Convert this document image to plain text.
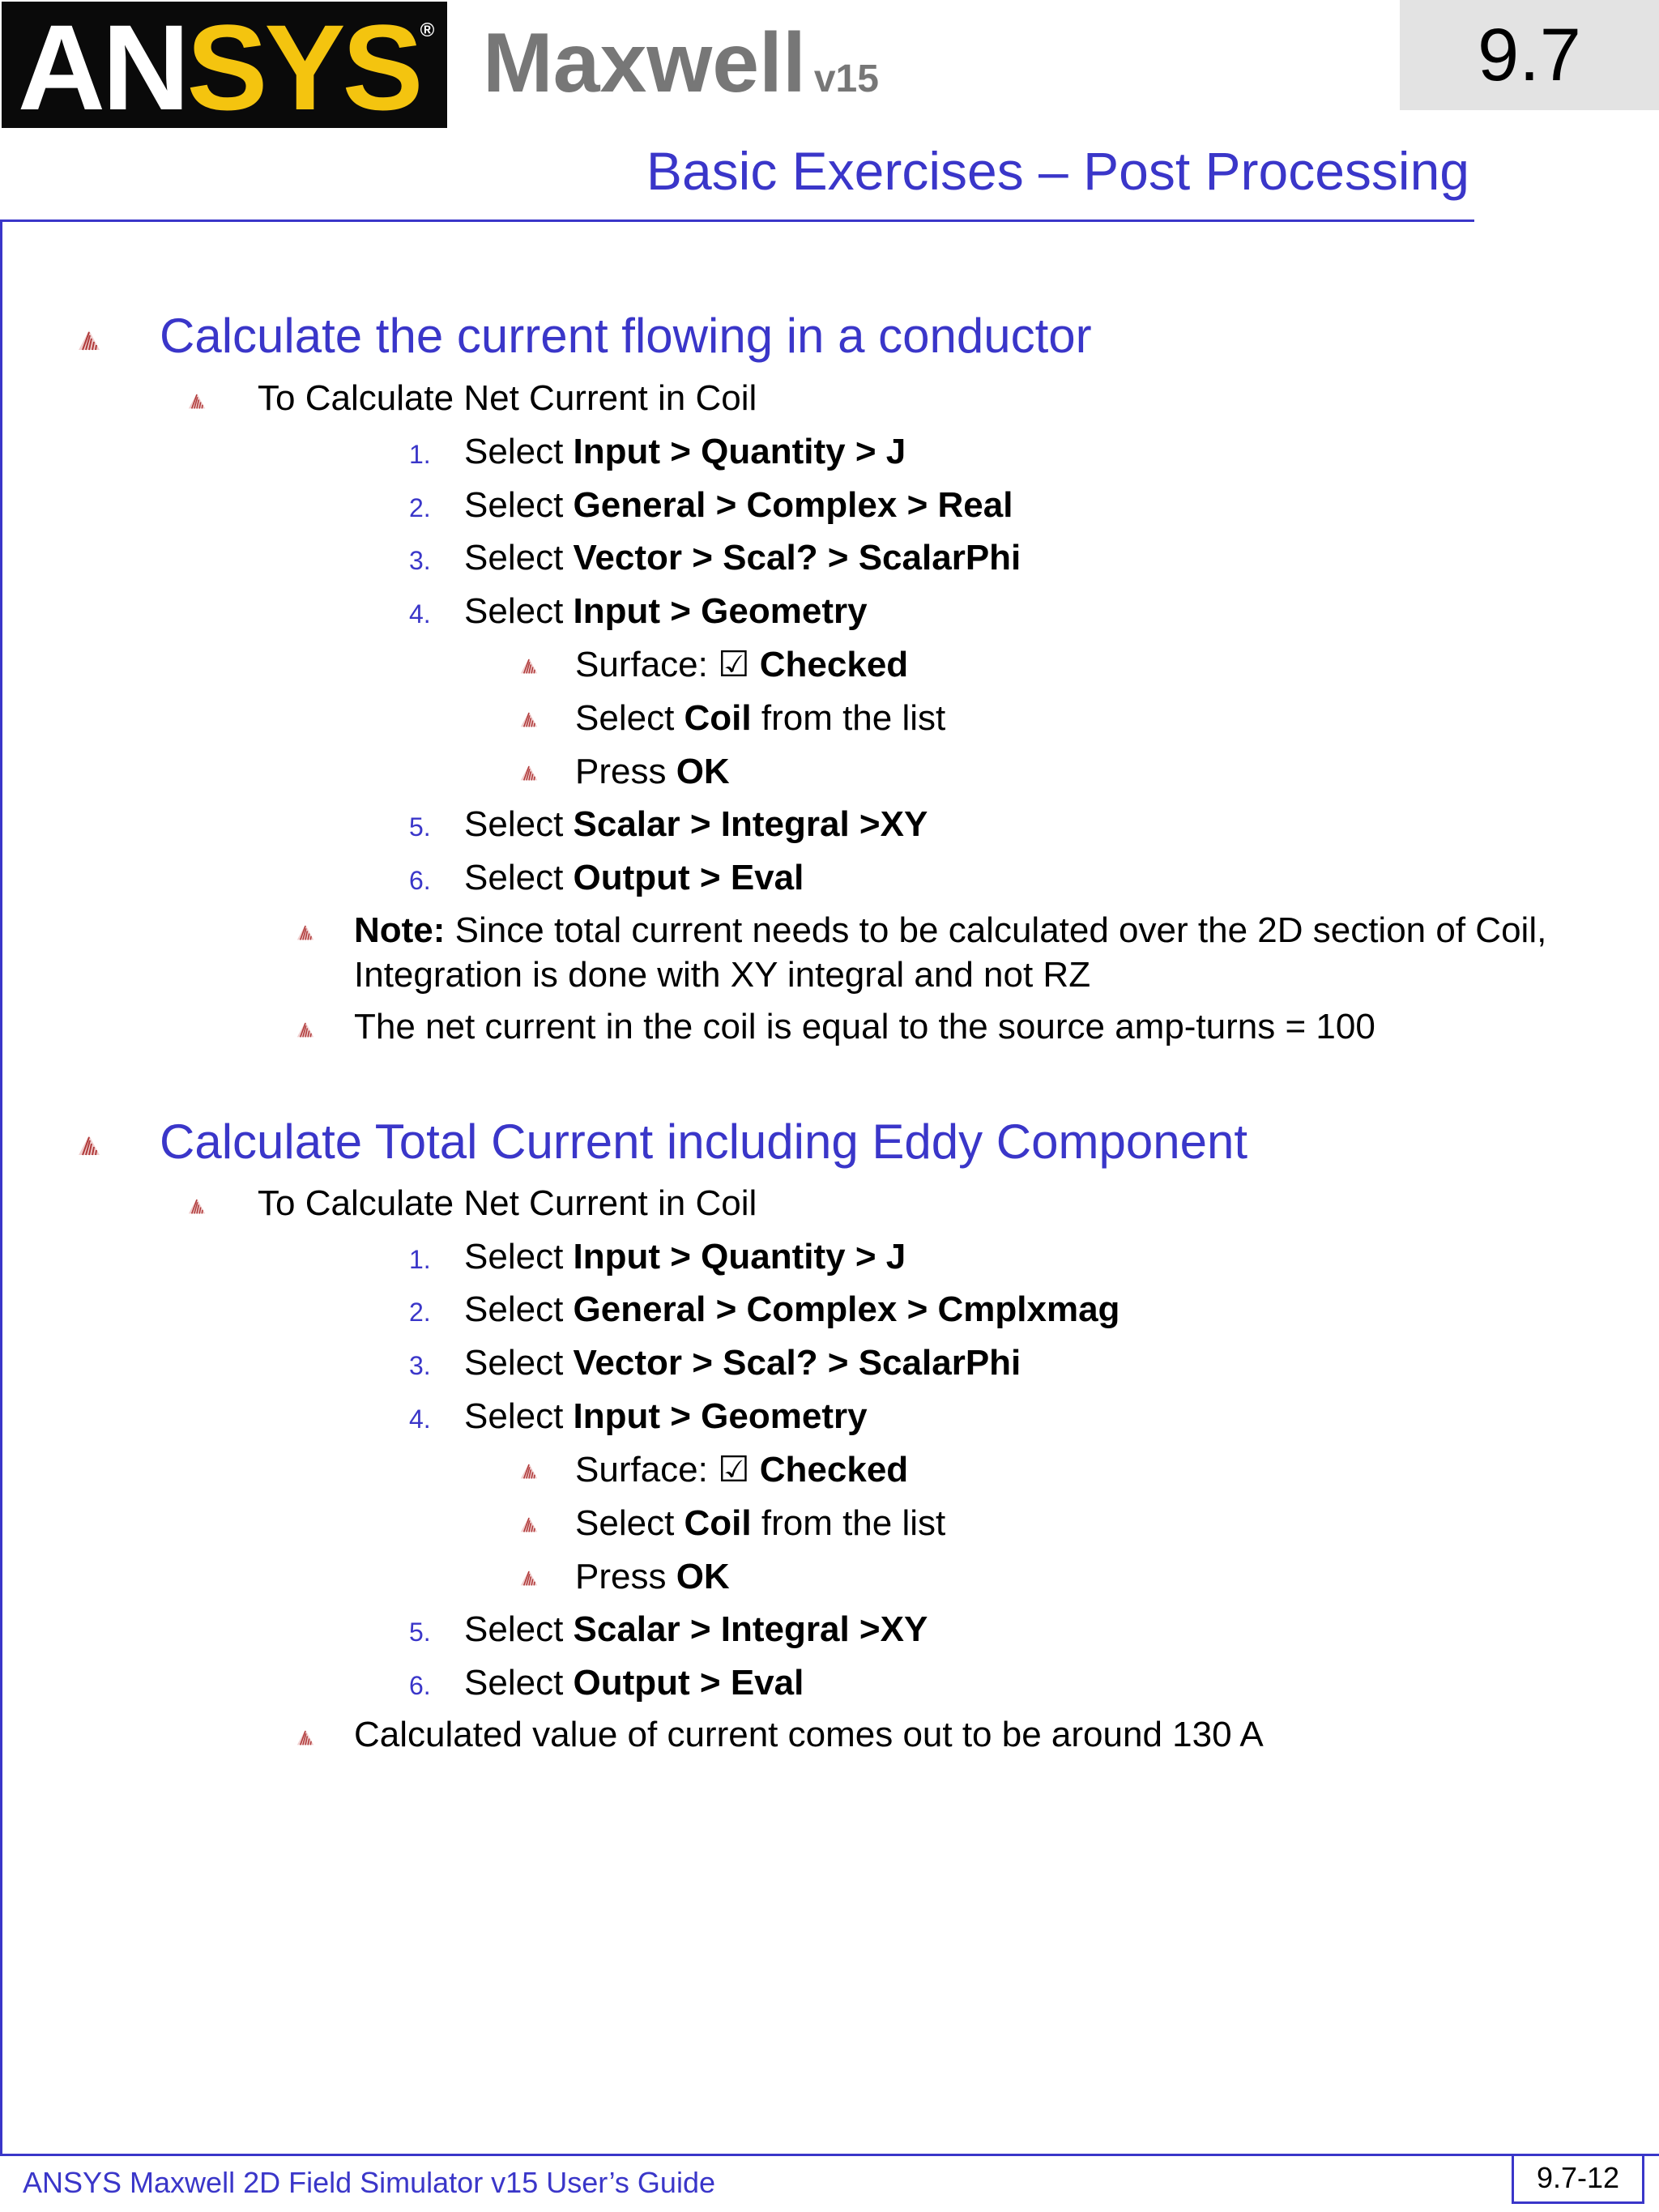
ANSYS® Maxwell v15	9.7
Basic Exercises – Post Processing
Calculate the current flowing in a conductor
To Calculate Net Current in Coil
1. Select Input > Quantity > J
2. Select General > Complex > Real
3. Select Vector > Scal? > ScalarPhi
4. Select Input > Geometry
Surface: ☑ Checked
Select Coil from the list
Press OK
5. Select Scalar > Integral >XY
6. Select Output > Eval
Note: Since total current needs to be calculated over the 2D section of Coil,
Integration is done with XY integral and not RZ
The net current in the coil is equal to the source amp-turns = 100
Calculate Total Current including Eddy Component
To Calculate Net Current in Coil
1. Select Input > Quantity > J
2. Select General > Complex > Cmplxmag
3. Select Vector > Scal? > ScalarPhi
4. Select Input > Geometry
Surface: ☑ Checked
Select Coil from the list
Press OK
5. Select Scalar > Integral >XY
6. Select Output > Eval
Calculated value of current comes out to be around 130 A
ANSYS Maxwell 2D Field Simulator v15 User’s Guide	9.7-12
